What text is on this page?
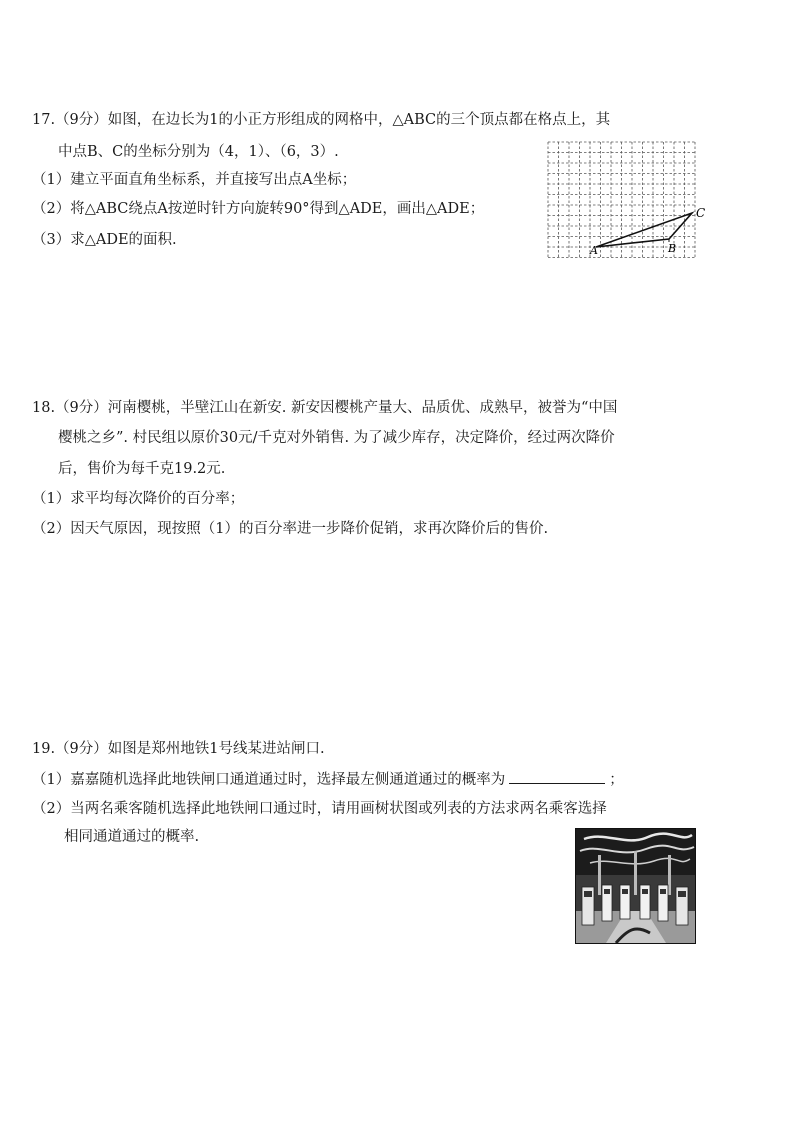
17.（9分）如图，在边长为1的小正方形组成的网格中，△ABC的三个顶点都在格点上，其
中点B、C的坐标分别为（4，1）、（6，3）.
（1）建立平面直角坐标系，并直接写出点A坐标；
（2）将△ABC绕点A按逆时针方向旋转90°得到△ADE，画出△ADE；
（3）求△ADE的面积.
A	B
C
18.（9分）河南樱桃，半壁江山在新安. 新安因樱桃产量大、品质优、成熟早，被誉为“中国
樱桃之乡”. 村民组以原价30元/千克对外销售. 为了减少库存，决定降价，经过两次降价
后，售价为每千克19.2元.
（1）求平均每次降价的百分率；
（2）因天气原因，现按照（1）的百分率进一步降价促销，求再次降价后的售价.
19.（9分）如图是郑州地铁1号线某进站闸口.
（1）嘉嘉随机选择此地铁闸口通道通过时，选择最左侧通道通过的概率为	；
（2）当两名乘客随机选择此地铁闸口通过时，请用画树状图或列表的方法求两名乘客选择
相同通道通过的概率.
